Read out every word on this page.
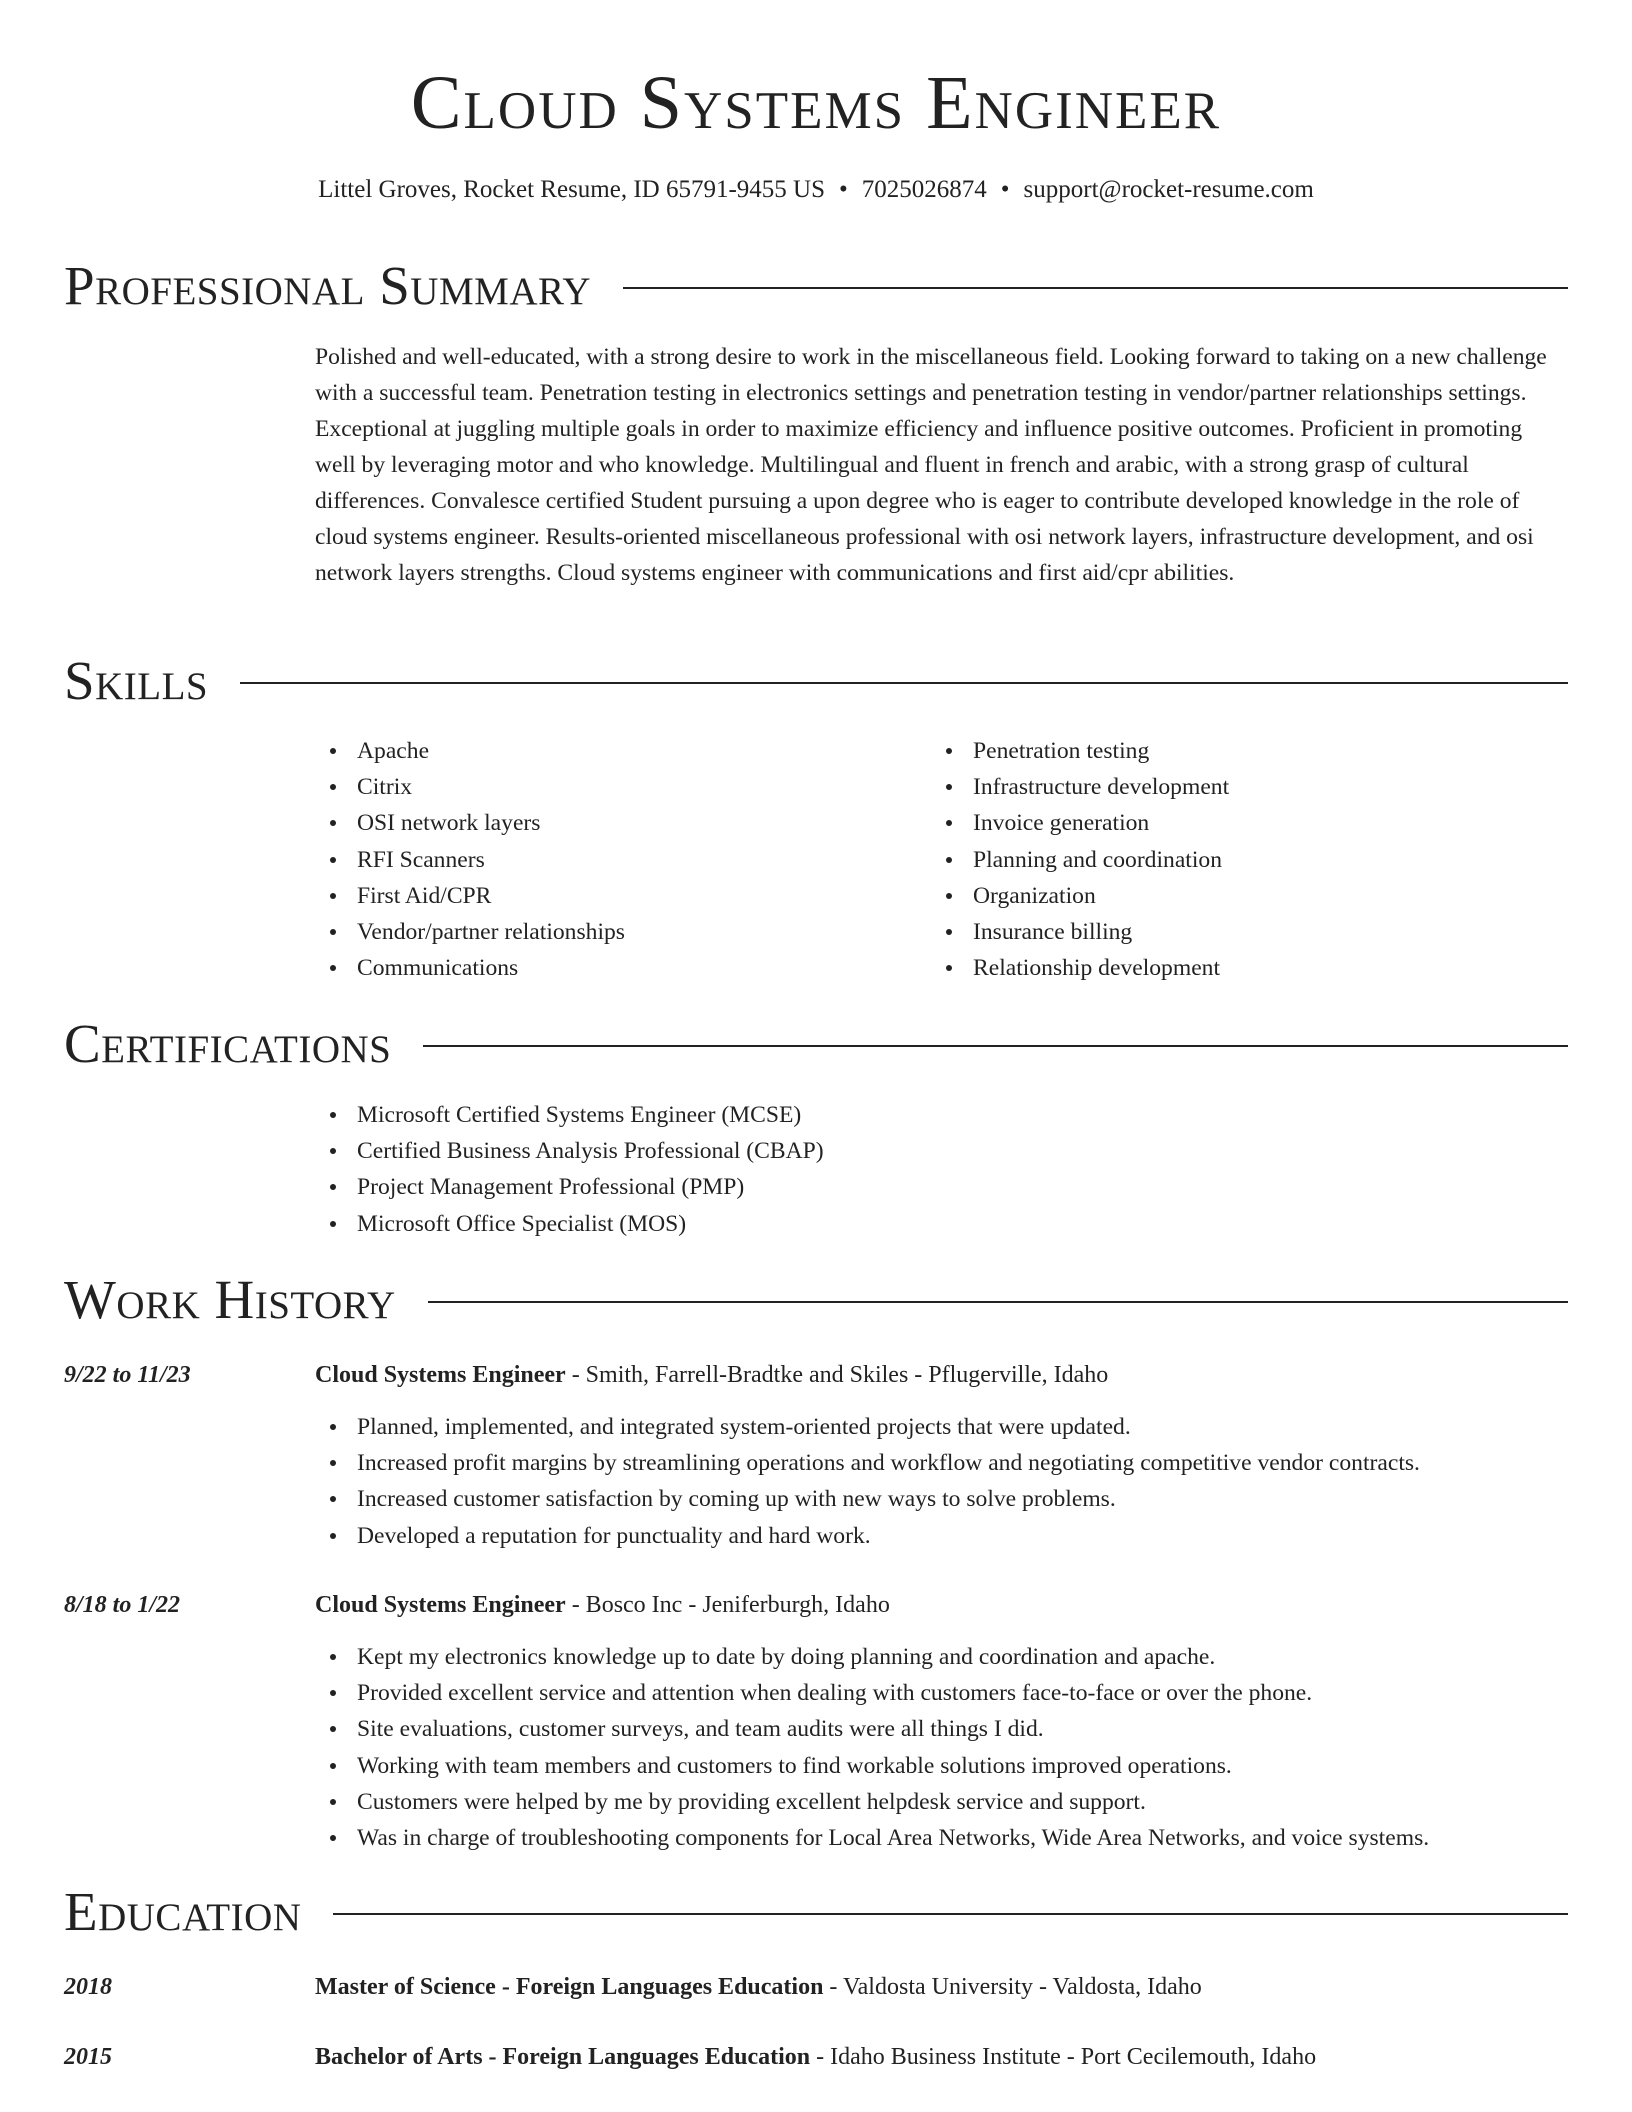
Cloud Systems Engineer
Littel Groves, Rocket Resume, ID 65791-9455 US • 7025026874 • support@rocket-resume.com
Professional Summary

Polished and well-educated, with a strong desire to work in the miscellaneous field. Looking forward to taking on a new challenge with a successful team. Penetration testing in electronics settings and penetration testing in vendor/partner relationships settings. Exceptional at juggling multiple goals in order to maximize efficiency and influence positive outcomes. Proficient in promoting well by leveraging motor and who knowledge. Multilingual and fluent in french and arabic, with a strong grasp of cultural differences. Convalesce certified Student pursuing a upon degree who is eager to contribute developed knowledge in the role of cloud systems engineer. Results-oriented miscellaneous professional with osi network layers, infrastructure development, and osi network layers strengths. Cloud systems engineer with communications and first aid/cpr abilities.

Skills
Apache
Citrix
OSI network layers
RFI Scanners
First Aid/CPR
Vendor/partner relationships
Communications
Penetration testing
Infrastructure development
Invoice generation
Planning and coordination
Organization
Insurance billing
Relationship development
Certifications
Microsoft Certified Systems Engineer (MCSE)
Certified Business Analysis Professional (CBAP)
Project Management Professional (PMP)
Microsoft Office Specialist (MOS)
Work History
9/22 to 11/23	Cloud Systems Engineer - Smith, Farrell-Bradtke and Skiles - Pflugerville, Idaho
Planned, implemented, and integrated system-oriented projects that were updated.
Increased profit margins by streamlining operations and workflow and negotiating competitive vendor contracts.
Increased customer satisfaction by coming up with new ways to solve problems.
Developed a reputation for punctuality and hard work.
8/18 to 1/22	Cloud Systems Engineer - Bosco Inc - Jeniferburgh, Idaho
Kept my electronics knowledge up to date by doing planning and coordination and apache.
Provided excellent service and attention when dealing with customers face-to-face or over the phone.
Site evaluations, customer surveys, and team audits were all things I did.
Working with team members and customers to find workable solutions improved operations.
Customers were helped by me by providing excellent helpdesk service and support.
Was in charge of troubleshooting components for Local Area Networks, Wide Area Networks, and voice systems.
Education
2018	Master of Science - Foreign Languages Education - Valdosta University - Valdosta, Idaho
2015	Bachelor of Arts - Foreign Languages Education - Idaho Business Institute - Port Cecilemouth, Idaho
